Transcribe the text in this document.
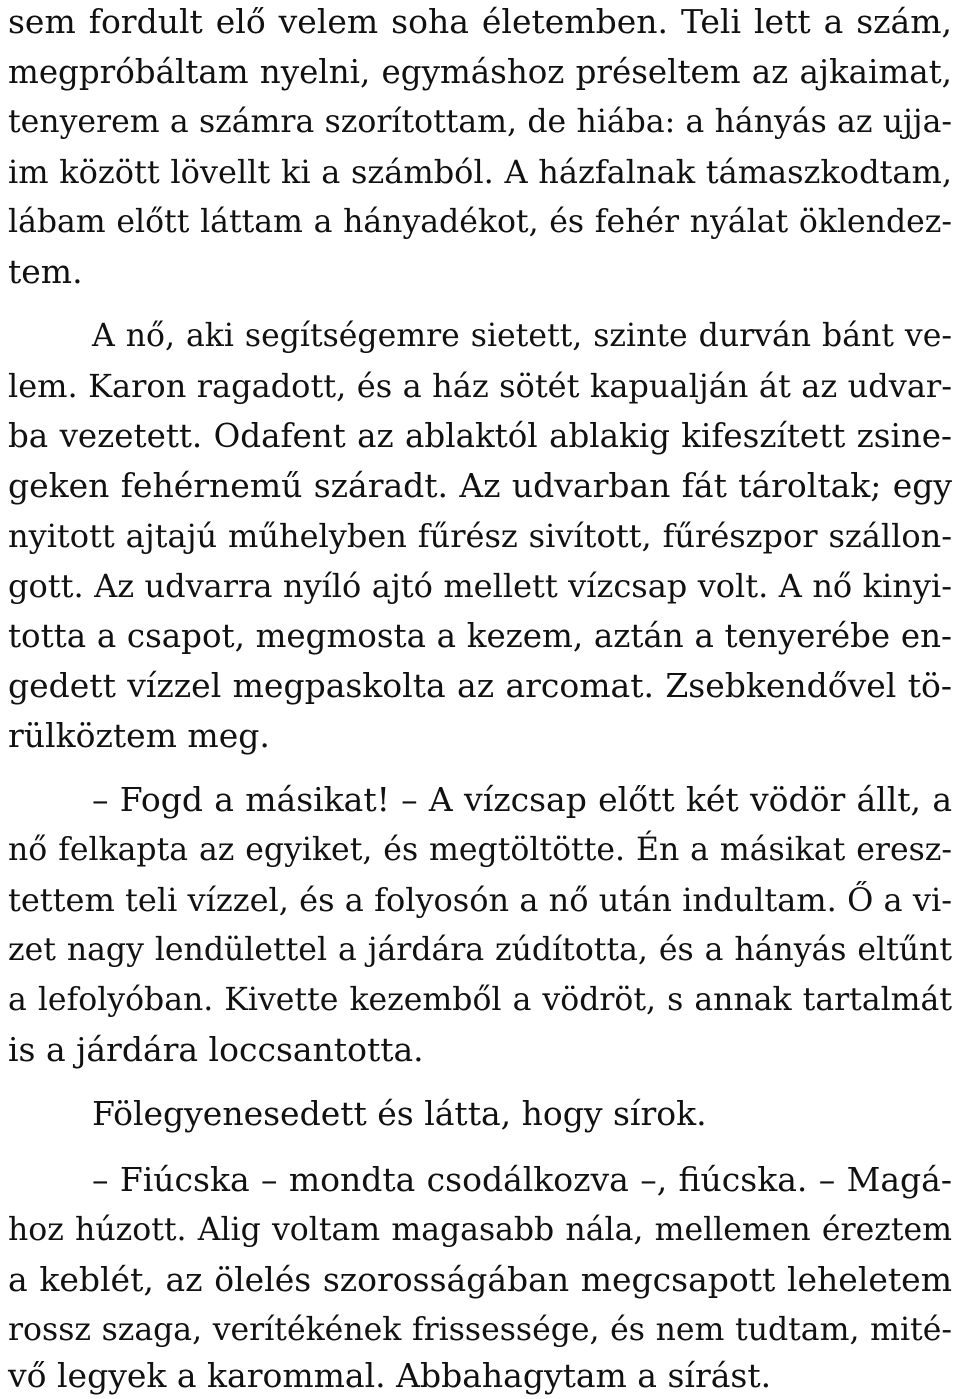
sem fordult elő velem soha életemben. Teli lett a szám,
megpróbáltam nyelni, egymáshoz préseltem az ajkaimat,
tenyerem a számra szorítottam, de hiába: a hányás az ujja-
im között lövellt ki a számból. A házfalnak támaszkodtam,
lábam előtt láttam a hányadékot, és fehér nyálat öklendez-
tem.
A nő, aki segítségemre sietett, szinte durván bánt ve-
lem. Karon ragadott, és a ház sötét kapualján át az udvar-
ba vezetett. Odafent az ablaktól ablakig kifeszített zsine-
geken fehérnemű száradt. Az udvarban fát tároltak; egy
nyitott ajtajú műhelyben fűrész sivított, fűrészpor szállon-
gott. Az udvarra nyíló ajtó mellett vízcsap volt. A nő kinyi-
totta a csapot, megmosta a kezem, aztán a tenyerébe en-
gedett vízzel megpaskolta az arcomat. Zsebkendővel tö-
rülköztem meg.
– Fogd a másikat! – A vízcsap előtt két vödör állt, a
nő felkapta az egyiket, és megtöltötte. Én a másikat eresz-
tettem teli vízzel, és a folyosón a nő után indultam. Ő a vi-
zet nagy lendülettel a járdára zúdította, és a hányás eltűnt
a lefolyóban. Kivette kezemből a vödröt, s annak tartalmát
is a járdára loccsantotta.
Fölegyenesedett és látta, hogy sírok.
– Fiúcska – mondta csodálkozva –, fiúcska. – Magá-
hoz húzott. Alig voltam magasabb nála, mellemen éreztem
a keblét, az ölelés szorosságában megcsapott leheletem
rossz szaga, verítékének frissessége, és nem tudtam, mité-
vő legyek a karommal. Abbahagytam a sírást.
